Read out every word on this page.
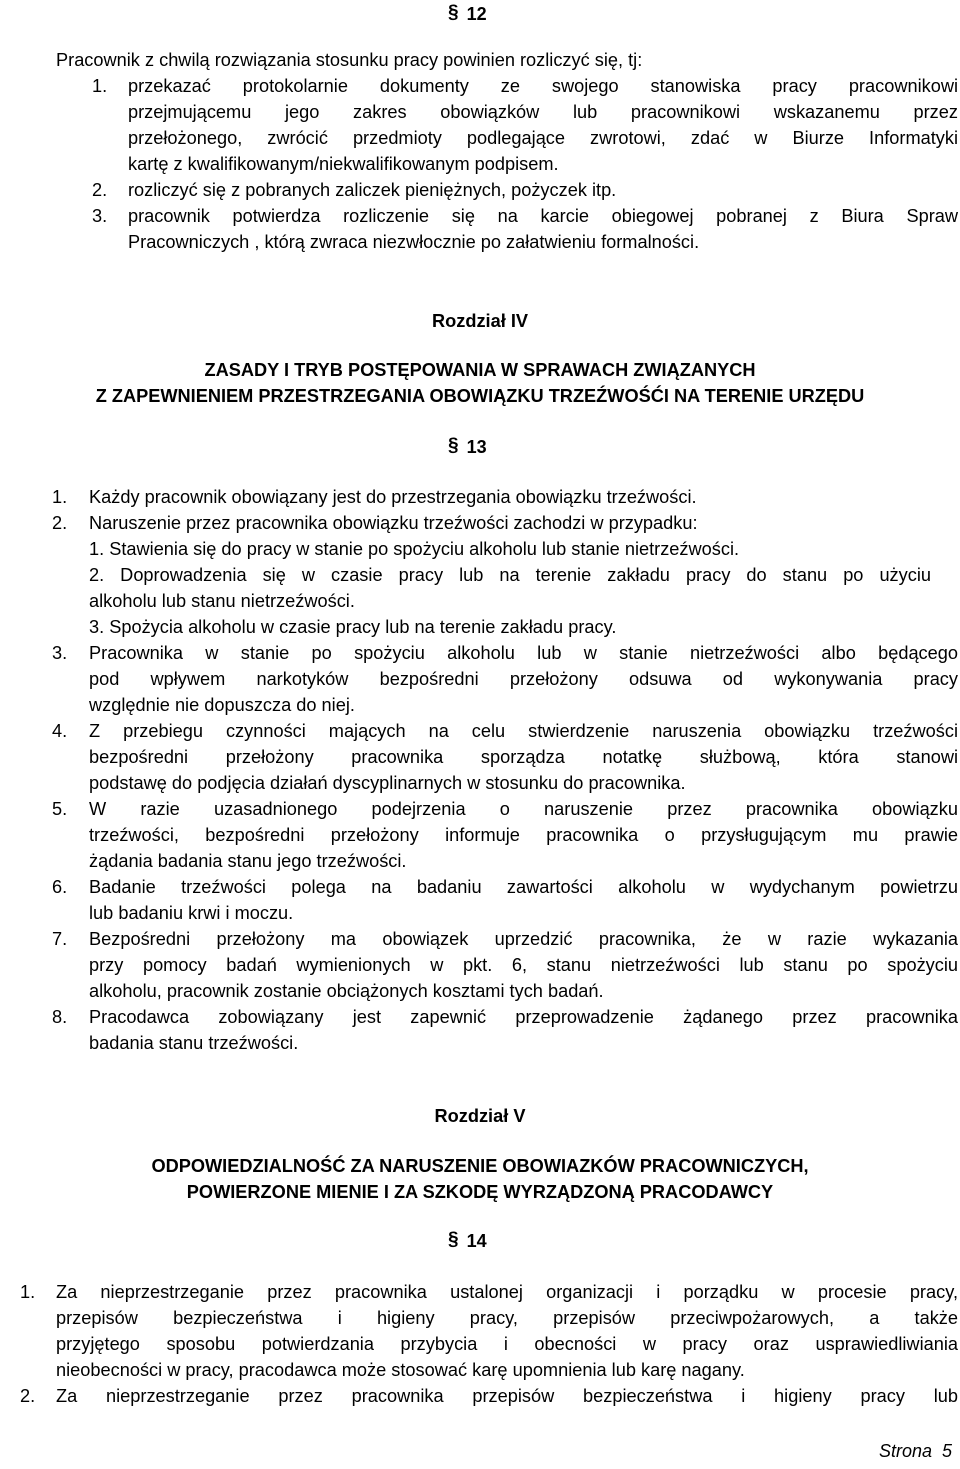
§ 12
Pracownik z chwilą rozwiązania stosunku pracy powinien rozliczyć się, tj:
1. przekazać protokolarnie dokumenty ze swojego stanowiska pracy pracownikowi
przejmującemu jego zakres obowiązków lub pracownikowi wskazanemu przez
przełożonego, zwrócić przedmioty podlegające zwrotowi, zdać w Biurze Informatyki
kartę z kwalifikowanym/niekwalifikowanym podpisem.
2. rozliczyć się z pobranych zaliczek pieniężnych, pożyczek itp.
3. pracownik potwierdza rozliczenie się na karcie obiegowej pobranej z Biura Spraw
Pracowniczych , którą zwraca niezwłocznie po załatwieniu formalności.
Rozdział IV
ZASADY I TRYB POSTĘPOWANIA W SPRAWACH ZWIĄZANYCH
Z ZAPEWNIENIEM PRZESTRZEGANIA OBOWIĄZKU TRZEŹWOŚĆI NA TERENIE URZĘDU
§ 13
1. Każdy pracownik obowiązany jest do przestrzegania obowiązku trzeźwości.
2. Naruszenie przez pracownika obowiązku trzeźwości zachodzi w przypadku:
1. Stawienia się do pracy w stanie po spożyciu alkoholu lub stanie nietrzeźwości.
2. Doprowadzenia się w czasie pracy lub na terenie zakładu pracy do stanu po użyciu
alkoholu lub stanu nietrzeźwości.
3. Spożycia alkoholu w czasie pracy lub na terenie zakładu pracy.
3. Pracownika w stanie po spożyciu alkoholu lub w stanie nietrzeźwości albo będącego
pod wpływem narkotyków bezpośredni przełożony odsuwa od wykonywania pracy
względnie nie dopuszcza do niej.
4. Z przebiegu czynności mających na celu stwierdzenie naruszenia obowiązku trzeźwości
bezpośredni przełożony pracownika sporządza notatkę służbową, która stanowi
podstawę do podjęcia działań dyscyplinarnych w stosunku do pracownika.
5. W razie uzasadnionego podejrzenia o naruszenie przez pracownika obowiązku
trzeźwości, bezpośredni przełożony informuje pracownika o przysługującym mu prawie
żądania badania stanu jego trzeźwości.
6. Badanie trzeźwości polega na badaniu zawartości alkoholu w wydychanym powietrzu
lub badaniu krwi i moczu.
7. Bezpośredni przełożony ma obowiązek uprzedzić pracownika, że w razie wykazania
przy pomocy badań wymienionych w pkt. 6, stanu nietrzeźwości lub stanu po spożyciu
alkoholu, pracownik zostanie obciążonych kosztami tych badań.
8. Pracodawca zobowiązany jest zapewnić przeprowadzenie żądanego przez pracownika
badania stanu trzeźwości.
Rozdział V
ODPOWIEDZIALNOŚĆ ZA NARUSZENIE OBOWIAZKÓW PRACOWNICZYCH,
POWIERZONE MIENIE I ZA SZKODĘ WYRZĄDZONĄ PRACODAWCY
§ 14
1. Za nieprzestrzeganie przez pracownika ustalonej organizacji i porządku w procesie pracy,
przepisów bezpieczeństwa i higieny pracy, przepisów przeciwpożarowych, a także
przyjętego sposobu potwierdzania przybycia i obecności w pracy oraz usprawiedliwiania
nieobecności w pracy, pracodawca może stosować karę upomnienia lub karę nagany.
2. Za nieprzestrzeganie przez pracownika przepisów bezpieczeństwa i higieny pracy lub
Strona  5
